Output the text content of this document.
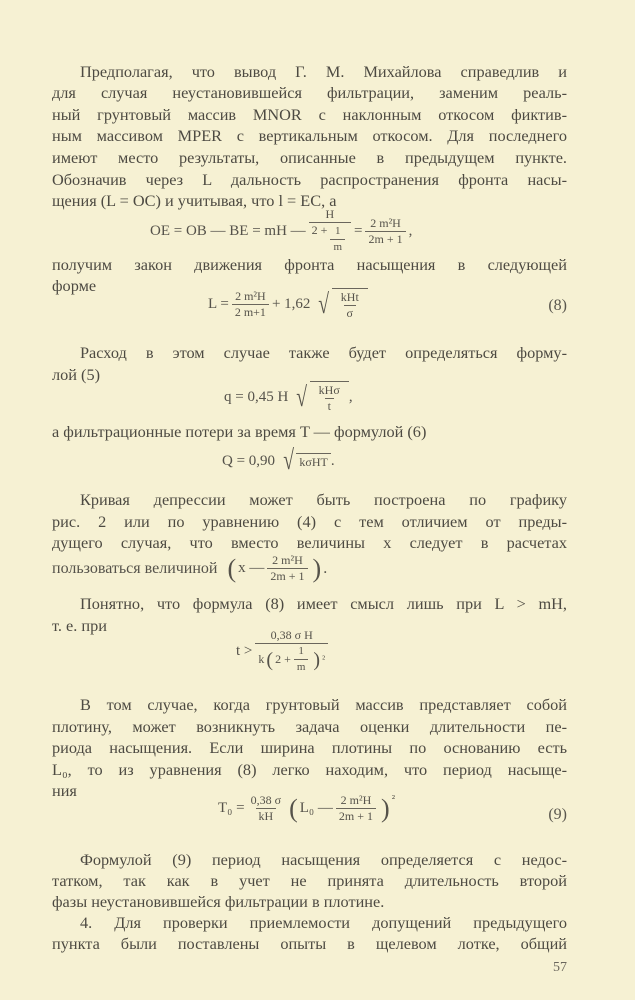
Предполагая, что вывод Г. М. Михайлова справедлив и
для случая неустановившейся фильтрации, заменим реаль-
ный грунтовый массив MNOR с наклонным откосом фиктив-
ным массивом MPER с вертикальным откосом. Для последнего
имеют место результаты, описанные в предыдущем пункте.
Обозначив через L дальность распространения фронта насы-
щения (L = OC) и учитывая, что l = EC, а
OE = OB — BE = mH — $\frac{H}{2 + \frac{1}{m}} = \frac{\text{2 m²H}}{2m + 1}$ ,
получим закон движения фронта насыщения в следующей
форме
$L = \frac{\text{2 m²H}}{2 m+1} + 1,62$ √ kHt
σ	(8)
Расход в этом случае также будет определяться форму-
лой (5)
q = 0,45 H √ kHσ
t
,
а фильтрационные потери за время T — формулой (6)
Q = 0,90 √ kσHT .
Кривая депрессии может быть построена по графику
рис. 2 или по уравнению (4) с тем отличием от преды-
дущего случая, что вместо величины x следует в расчетах
пользоваться величиной ( x — $\frac{\text{2 m²H}}{2m + 1}$ ) .
Понятно, что формула (8) имеет смысл лишь при L > mH,
т. е. при
$t > \frac{\text{0,38 σ H}}{k ( 2 + \frac{1}{m} ) ^2}$
В том случае, когда грунтовый массив представляет собой
плотину, может возникнуть задача оценки длительности пе-
риода насыщения. Если ширина плотины по основанию есть
L₀, то из уравнения (8) легко находим, что период насыще-
ния
$T_0 = \frac{0,38 \sigma}{kH}$ ( L₀ — $\frac{\text{2 m²H}}{2m + 1} )^{^2}$
(9)
Формулой (9) период насыщения определяется с недос-
татком, так как в учет не принята длительность второй
фазы неустановившейся фильтрации в плотине.
4. Для проверки приемлемости допущений предыдущего
пункта были поставлены опыты в щелевом лотке, общий
57
